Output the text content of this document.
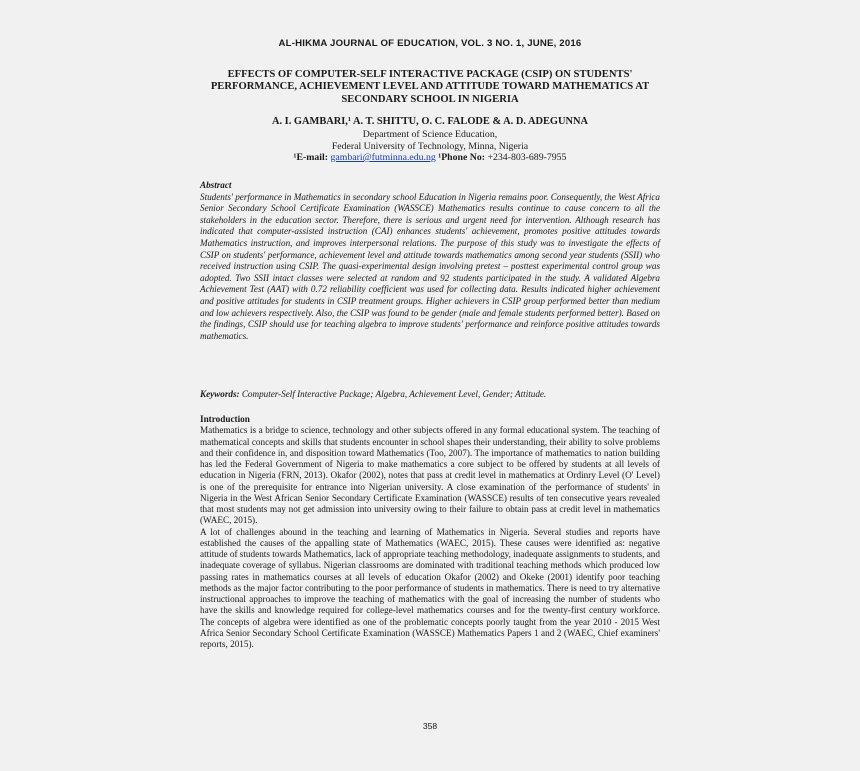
AL-HIKMA JOURNAL OF EDUCATION, VOL. 3 NO. 1, JUNE, 2016
EFFECTS OF COMPUTER-SELF INTERACTIVE PACKAGE (CSIP) ON STUDENTS' PERFORMANCE, ACHIEVEMENT LEVEL AND ATTITUDE TOWARD MATHEMATICS AT SECONDARY SCHOOL IN NIGERIA
A. I. GAMBARI,¹ A. T. SHITTU, O. C. FALODE & A. D. ADEGUNNA
Department of Science Education,
Federal University of Technology, Minna, Nigeria
¹E-mail: gambari@futminna.edu.ng ¹Phone No: +234-803-689-7955
Abstract
Students' performance in Mathematics in secondary school Education in Nigeria remains poor. Consequently, the West Africa Senior Secondary School Certificate Examination (WASSCE) Mathematics results continue to cause concern to all the stakeholders in the education sector. Therefore, there is serious and urgent need for intervention. Although research has indicated that computer-assisted instruction (CAI) enhances students' achievement, promotes positive attitudes towards Mathematics instruction, and improves interpersonal relations. The purpose of this study was to investigate the effects of CSIP on students' performance, achievement level and attitude towards mathematics among second year students (SSII) who received instruction using CSIP. The quasi-experimental design involving pretest – posttest experimental control group was adopted. Two SSII intact classes were selected at random and 92 students participated in the study. A validated Algebra Achievement Test (AAT) with 0.72 reliability coefficient was used for collecting data. Results indicated higher achievement and positive attitudes for students in CSIP treatment groups. Higher achievers in CSIP group performed better than medium and low achievers respectively. Also, the CSIP was found to be gender (male and female students performed better). Based on the findings, CSIP should use for teaching algebra to improve students' performance and reinforce positive attitudes towards mathematics.
Keywords: Computer-Self Interactive Package; Algebra, Achievement Level, Gender; Attitude.
Introduction

Mathematics is a bridge to science, technology and other subjects offered in any formal educational system. The teaching of mathematical concepts and skills that students encounter in school shapes their understanding, their ability to solve problems and their confidence in, and disposition toward Mathematics (Too, 2007). The importance of mathematics to nation building has led the Federal Government of Nigeria to make mathematics a core subject to be offered by students at all levels of education in Nigeria (FRN, 2013). Okafor (2002), notes that pass at credit level in mathematics at Ordinry Level (O' Level) is one of the prerequisite for entrance into Nigerian university. A close examination of the performance of students' in Nigeria in the West African Senior Secondary Certificate Examination (WASSCE) results of ten consecutive years revealed that most students may not get admission into university owing to their failure to obtain pass at credit level in mathematics (WAEC, 2015).

A lot of challenges abound in the teaching and learning of Mathematics in Nigeria. Several studies and reports have established the causes of the appalling state of Mathematics (WAEC, 2015). These causes were identified as: negative attitude of students towards Mathematics, lack of appropriate teaching methodology, inadequate assignments to students, and inadequate coverage of syllabus. Nigerian classrooms are dominated with traditional teaching methods which produced low passing rates in mathematics courses at all levels of education Okafor (2002) and Okeke (2001) identify poor teaching methods as the major factor contributing to the poor performance of students in mathematics. There is need to try alternative instructional approaches to improve the teaching of mathematics with the goal of increasing the number of students who have the skills and knowledge required for college-level mathematics courses and for the twenty-first century workforce. The concepts of algebra were identified as one of the problematic concepts poorly taught from the year 2010 - 2015 West Africa Senior Secondary School Certificate Examination (WASSCE) Mathematics Papers 1 and 2 (WAEC, Chief examiners' reports, 2015).

358
